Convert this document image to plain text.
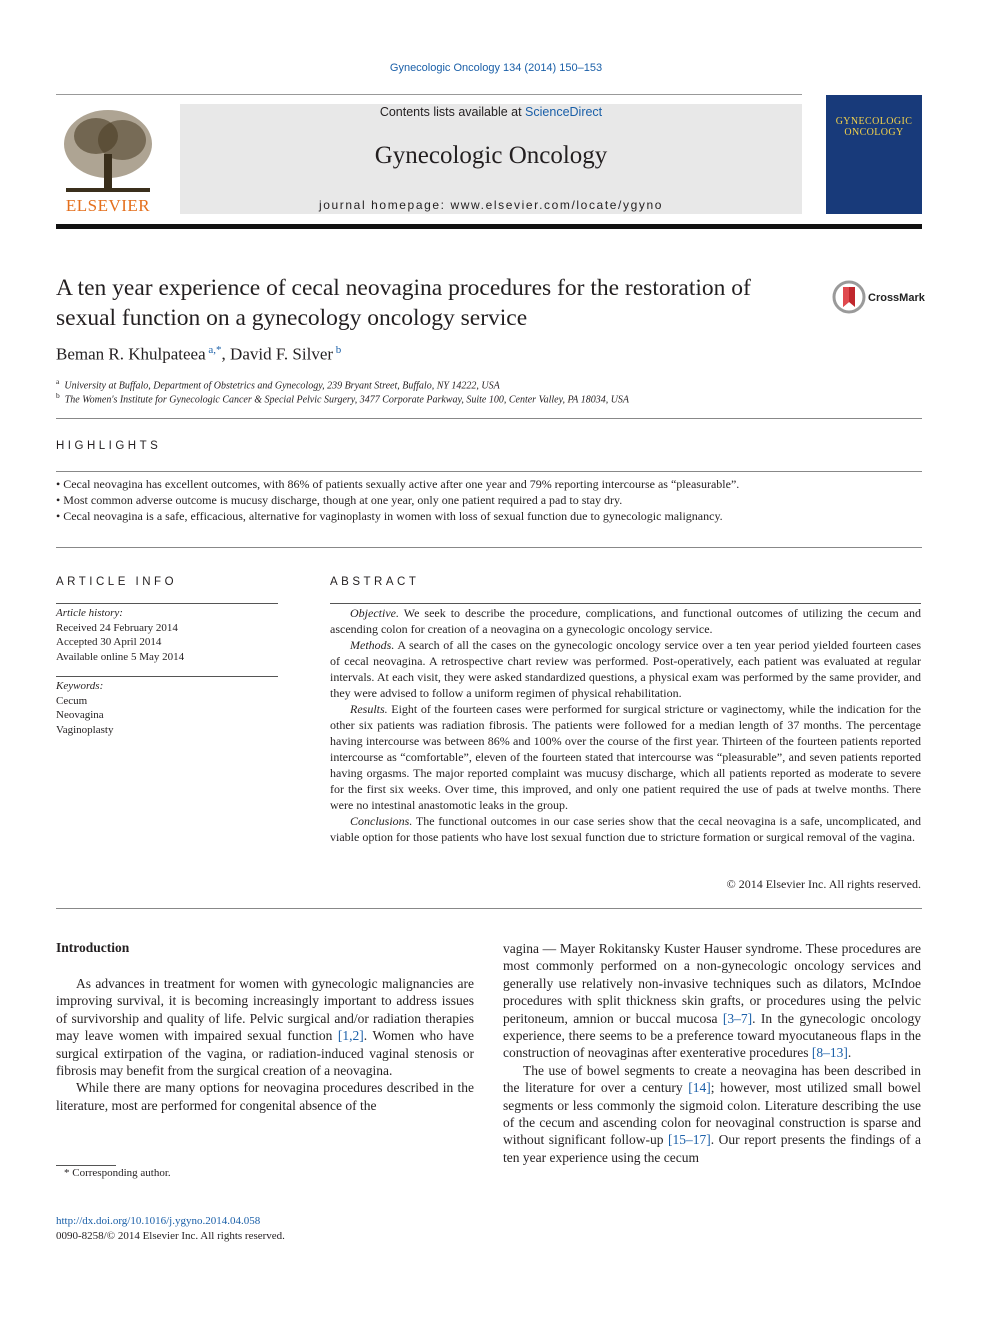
Gynecologic Oncology 134 (2014) 150–153
ELSEVIER
Contents lists available at ScienceDirect
Gynecologic Oncology
journal homepage: www.elsevier.com/locate/ygyno
GYNECOLOGIC ONCOLOGY
A ten year experience of cecal neovagina procedures for the restoration of sexual function on a gynecology oncology service
CrossMark
Beman R. Khulpateea $^{a,*}$, David F. Silver $^b$
$^a$ University at Buffalo, Department of Obstetrics and Gynecology, 239 Bryant Street, Buffalo, NY 14222, USA
$^b$ The Women's Institute for Gynecologic Cancer & Special Pelvic Surgery, 3477 Corporate Parkway, Suite 100, Center Valley, PA 18034, USA
HIGHLIGHTS
• Cecal neovagina has excellent outcomes, with 86% of patients sexually active after one year and 79% reporting intercourse as “pleasurable”.
• Most common adverse outcome is mucusy discharge, though at one year, only one patient required a pad to stay dry.
• Cecal neovagina is a safe, efficacious, alternative for vaginoplasty in women with loss of sexual function due to gynecologic malignancy.
ARTICLE INFO
Article history:
Received 24 February 2014
Accepted 30 April 2014
Available online 5 May 2014
Keywords:
Cecum
Neovagina
Vaginoplasty
ABSTRACT

Objective. We seek to describe the procedure, complications, and functional outcomes of utilizing the cecum and ascending colon for creation of a neovagina on a gynecologic oncology service.

Methods. A search of all the cases on the gynecologic oncology service over a ten year period yielded fourteen cases of cecal neovagina. A retrospective chart review was performed. Post-operatively, each patient was evaluated at regular intervals. At each visit, they were asked standardized questions, a physical exam was performed by the same provider, and they were advised to follow a uniform regimen of physical rehabilitation.

Results. Eight of the fourteen cases were performed for surgical stricture or vaginectomy, while the indication for the other six patients was radiation fibrosis. The patients were followed for a median length of 37 months. The percentage having intercourse was between 86% and 100% over the course of the first year. Thirteen of the fourteen patients reported intercourse as “comfortable”, eleven of the fourteen stated that intercourse was “pleasurable”, and seven patients reported having orgasms. The major reported complaint was mucusy discharge, which all patients reported as moderate to severe for the first six weeks. Over time, this improved, and only one patient required the use of pads at twelve months. There were no intestinal anastomotic leaks in the group.

Conclusions. The functional outcomes in our case series show that the cecal neovagina is a safe, uncomplicated, and viable option for those patients who have lost sexual function due to stricture formation or surgical removal of the vagina.

© 2014 Elsevier Inc. All rights reserved.
Introduction

As advances in treatment for women with gynecologic malignancies are improving survival, it is becoming increasingly important to address issues of survivorship and quality of life. Pelvic surgical and/or radiation therapies may leave women with impaired sexual function [1,2]. Women who have surgical extirpation of the vagina, or radiation-induced vaginal stenosis or fibrosis may benefit from the surgical creation of a neovagina.

While there are many options for neovagina procedures described in the literature, most are performed for congenital absence of the

vagina — Mayer Rokitansky Kuster Hauser syndrome. These procedures are most commonly performed on a non-gynecologic oncology services and generally use relatively non-invasive techniques such as dilators, McIndoe procedures with split thickness skin grafts, or procedures using the pelvic peritoneum, amnion or buccal mucosa [3–7]. In the gynecologic oncology experience, there seems to be a preference toward myocutaneous flaps in the construction of neovaginas after exenterative procedures [8–13].

The use of bowel segments to create a neovagina has been described in the literature for over a century [14]; however, most utilized small bowel segments or less commonly the sigmoid colon. Literature describing the use of the cecum and ascending colon for neovaginal construction is sparse and without significant follow-up [15–17]. Our report presents the findings of a ten year experience using the cecum

* Corresponding author.
http://dx.doi.org/10.1016/j.ygyno.2014.04.058
0090-8258/© 2014 Elsevier Inc. All rights reserved.
